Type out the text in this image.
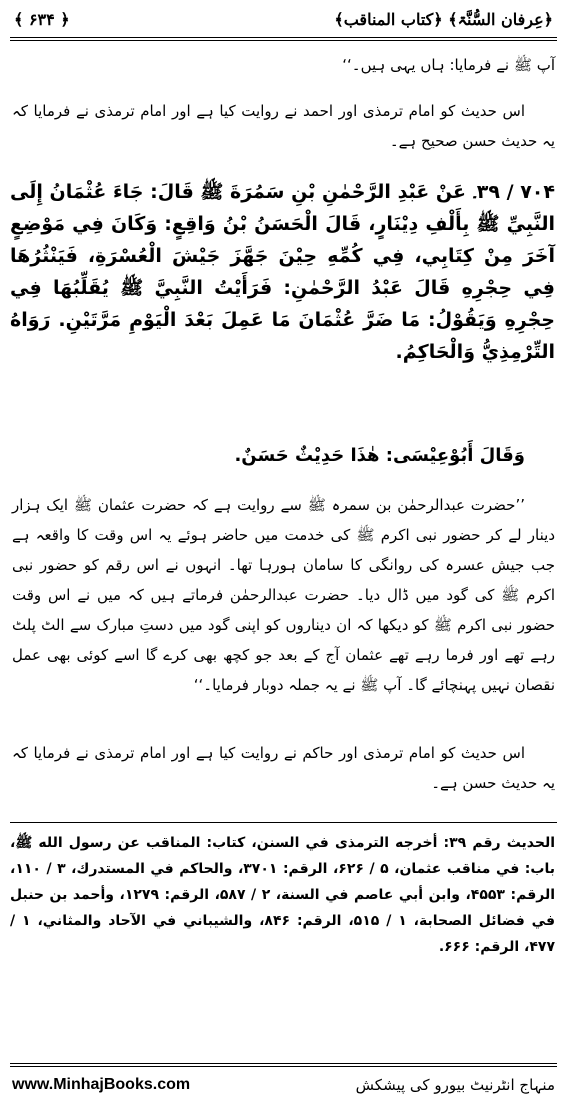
﴿عِرفان السُّنَّۃ﴾ ﴿کتاب المناقب﴾
﴿ ۶۳۴ ﴾
آپ ﷺ نے فرمایا: ہاں یہی ہیں۔‘‘
اس حدیث کو امام ترمذی اور احمد نے روایت کیا ہے اور امام ترمذی نے فرمایا کہ یہ حدیث حسن صحیح ہے۔
۷۰۴ / ۳۹۔ عَنْ عَبْدِ الرَّحْمٰنِ بْنِ سَمُرَةَ ﷺ قَالَ: جَاءَ عُثْمَانُ إِلَی النَّبِيِّ ﷺ بِأَلْفِ دِيْنَارٍ، قَالَ الْحَسَنُ بْنُ وَاقِعٍ: وَكَانَ فِي مَوْضِعٍ آخَرَ مِنْ كِتَابِي، فِي كُمِّهِ حِيْنَ جَهَّزَ جَيْشَ الْعُسْرَةِ، فَيَنْثُرُهَا فِي حِجْرِهِ قَالَ عَبْدُ الرَّحْمٰنِ: فَرَأَيْتُ النَّبِيَّ ﷺ يُقَلِّبُهَا فِي حِجْرِهِ وَيَقُوْلُ: مَا ضَرَّ عُثْمَانَ مَا عَمِلَ بَعْدَ الْيَوْمِ مَرَّتَيْنِ. رَوَاهُ التِّرْمِذِيُّ وَالْحَاكِمُ.
وَقَالَ أَبُوْعِيْسَى: هٰذَا حَدِيْثٌ حَسَنٌ.
’’حضرت عبدالرحمٰن بن سمرہ ﷺ سے روایت ہے کہ حضرت عثمان ﷺ ایک ہزار دینار لے کر حضور نبی اکرم ﷺ کی خدمت میں حاضر ہوئے یہ اس وقت کا واقعہ ہے جب جیش عسرہ کی روانگی کا سامان ہورہا تھا۔ انہوں نے اس رقم کو حضور نبی اکرم ﷺ کی گود میں ڈال دیا۔ حضرت عبدالرحمٰن فرماتے ہیں کہ میں نے اس وقت حضور نبی اکرم ﷺ کو دیکھا کہ ان دیناروں کو اپنی گود میں دستِ مبارک سے الٹ پلٹ رہے تھے اور فرما رہے تھے عثمان آج کے بعد جو کچھ بھی کرے گا اسے کوئی بھی عمل نقصان نہیں پہنچائے گا۔ آپ ﷺ نے یہ جملہ دوبار فرمایا۔‘‘
اس حدیث کو امام ترمذی اور حاکم نے روایت کیا ہے اور امام ترمذی نے فرمایا کہ یہ حدیث حسن ہے۔
الحديث رقم ۳۹: أخرجه الترمذی في السنن، كتاب: المناقب عن رسول الله ﷺ، باب: في مناقب عثمان، ۵ / ۶۲۶، الرقم: ۳۷۰۱، والحاكم في المستدرك، ۳ / ۱۱۰، الرقم: ۴۵۵۳، وابن أبي عاصم في السنة، ۲ / ۵۸۷، الرقم: ۱۲۷۹، وأحمد بن حنبل في فضائل الصحابة، ۱ / ۵۱۵، الرقم: ۸۴۶، والشيباني في الآحاد والمثاني، ۱ / ۴۷۷، الرقم: ۶۶۶.
www.MinhajBooks.com	منہاج انٹرنیٹ بیورو کی پیشکش
